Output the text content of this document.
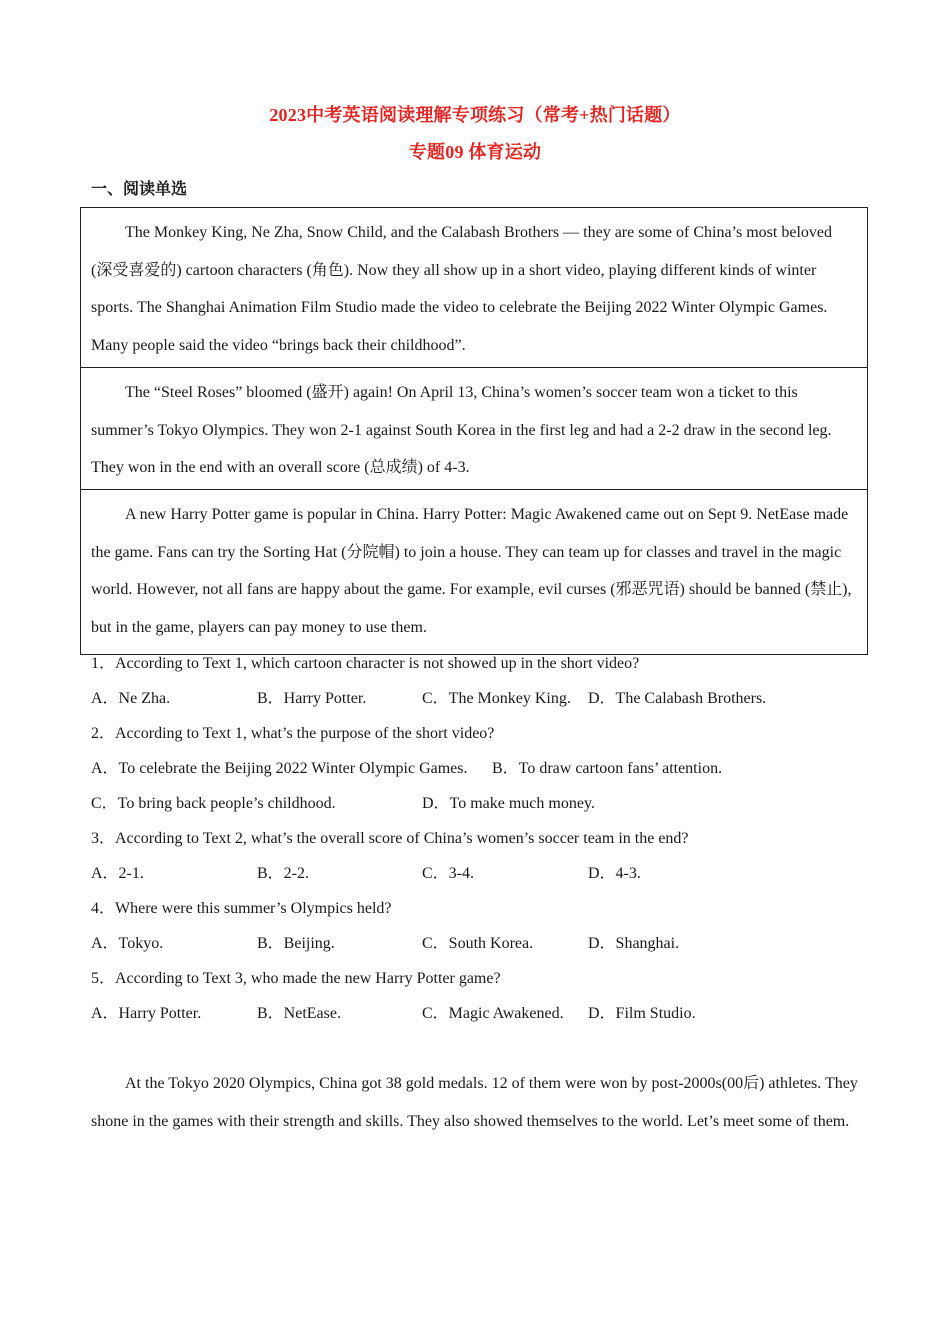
2023中考英语阅读理解专项练习（常考+热门话题）
专题09 体育运动
一、阅读单选
The Monkey King, Ne Zha, Snow Child, and the Calabash Brothers — they are some of China’s most beloved (深受喜爱的) cartoon characters (角色). Now they all show up in a short video, playing different kinds of winter sports. The Shanghai Animation Film Studio made the video to celebrate the Beijing 2022 Winter Olympic Games. Many people said the video “brings back their childhood”.
The “Steel Roses” bloomed (盛开) again! On April 13, China’s women’s soccer team won a ticket to this summer’s Tokyo Olympics. They won 2-1 against South Korea in the first leg and had a 2-2 draw in the second leg. They won in the end with an overall score (总成绩) of 4-3.
A new Harry Potter game is popular in China. Harry Potter: Magic Awakened came out on Sept 9. NetEase made the game. Fans can try the Sorting Hat (分院帽) to join a house. They can team up for classes and travel in the magic world. However, not all fans are happy about the game. For example, evil curses (邪恶咒语) should be banned (禁止), but in the game, players can pay money to use them.
1．According to Text 1, which cartoon character is not showed up in the short video?
A．Ne Zha.	B．Harry Potter.	C．The Monkey King. D．The Calabash Brothers.
2．According to Text 1, what’s the purpose of the short video?
A．To celebrate the Beijing 2022 Winter Olympic Games. B．To draw cartoon fans’ attention.
C．To bring back people’s childhood.	D．To make much money.
3．According to Text 2, what’s the overall score of China’s women’s soccer team in the end?
A．2-1.	B．2-2.	C．3-4.	D．4-3.
4．Where were this summer’s Olympics held?
A．Tokyo.	B．Beijing.	C．South Korea.	D．Shanghai.
5．According to Text 3, who made the new Harry Potter game?
A．Harry Potter.	B．NetEase.	C．Magic Awakened. D．Film Studio.
At the Tokyo 2020 Olympics, China got 38 gold medals. 12 of them were won by post-2000s(00后) athletes. They shone in the games with their strength and skills. They also showed themselves to the world. Let’s meet some of them.
